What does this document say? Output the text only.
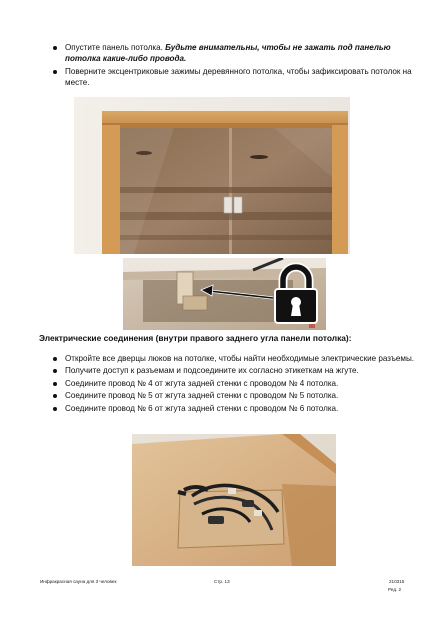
Опустите панель потолка. Будьте внимательны, чтобы не зажать под панелью потолка какие-либо провода.
Поверните эксцентриковые зажимы деревянного потолка, чтобы зафиксировать потолок на месте.
Электрические соединения (внутри правого заднего угла панели потолка):
Откройте все дверцы люков на потолке, чтобы найти необходимые электрические разъемы.
Получите доступ к разъемам и подсоедините их согласно этикеткам на жгуте.
Соедините провод № 4 от жгута задней стенки с проводом № 4 потолка.
Соедините провод № 5 от жгута задней стенки с проводом № 5 потолка.
Соедините провод № 6 от жгута задней стенки с проводом № 6 потолка.
Инфракрасная сауна для 3 человек	Стр. 13	210315
Ред. 2
